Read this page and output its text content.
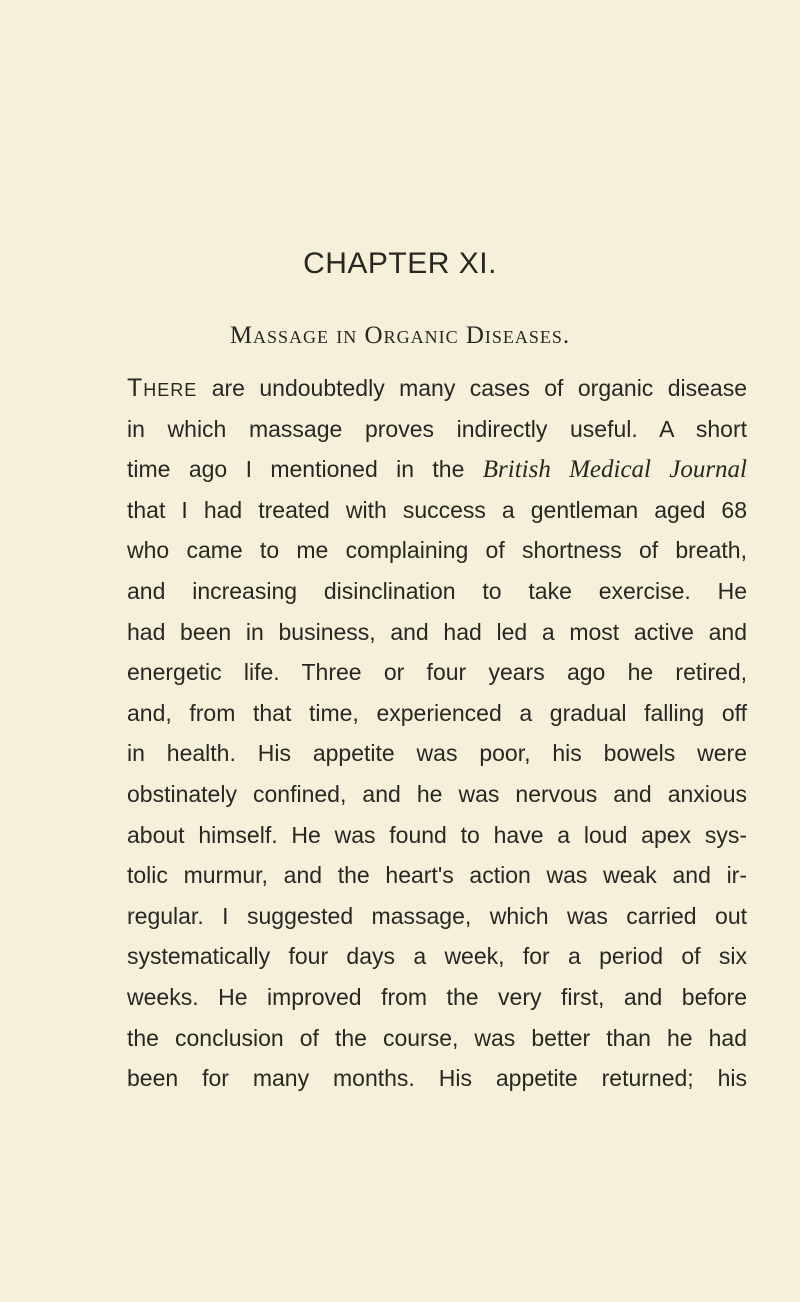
CHAPTER XI.
Massage in Organic Diseases.
There are undoubtedly many cases of organic disease
in which massage proves indirectly useful. A short
time ago I mentioned in the British Medical Journal
that I had treated with success a gentleman aged 68
who came to me complaining of shortness of breath,
and increasing disinclination to take exercise. He
had been in business, and had led a most active and
energetic life. Three or four years ago he retired,
and, from that time, experienced a gradual falling off
in health. His appetite was poor, his bowels were
obstinately confined, and he was nervous and anxious
about himself. He was found to have a loud apex sys-
tolic murmur, and the heart's action was weak and ir-
regular. I suggested massage, which was carried out
systematically four days a week, for a period of six
weeks. He improved from the very first, and before
the conclusion of the course, was better than he had
been for many months. His appetite returned; his
